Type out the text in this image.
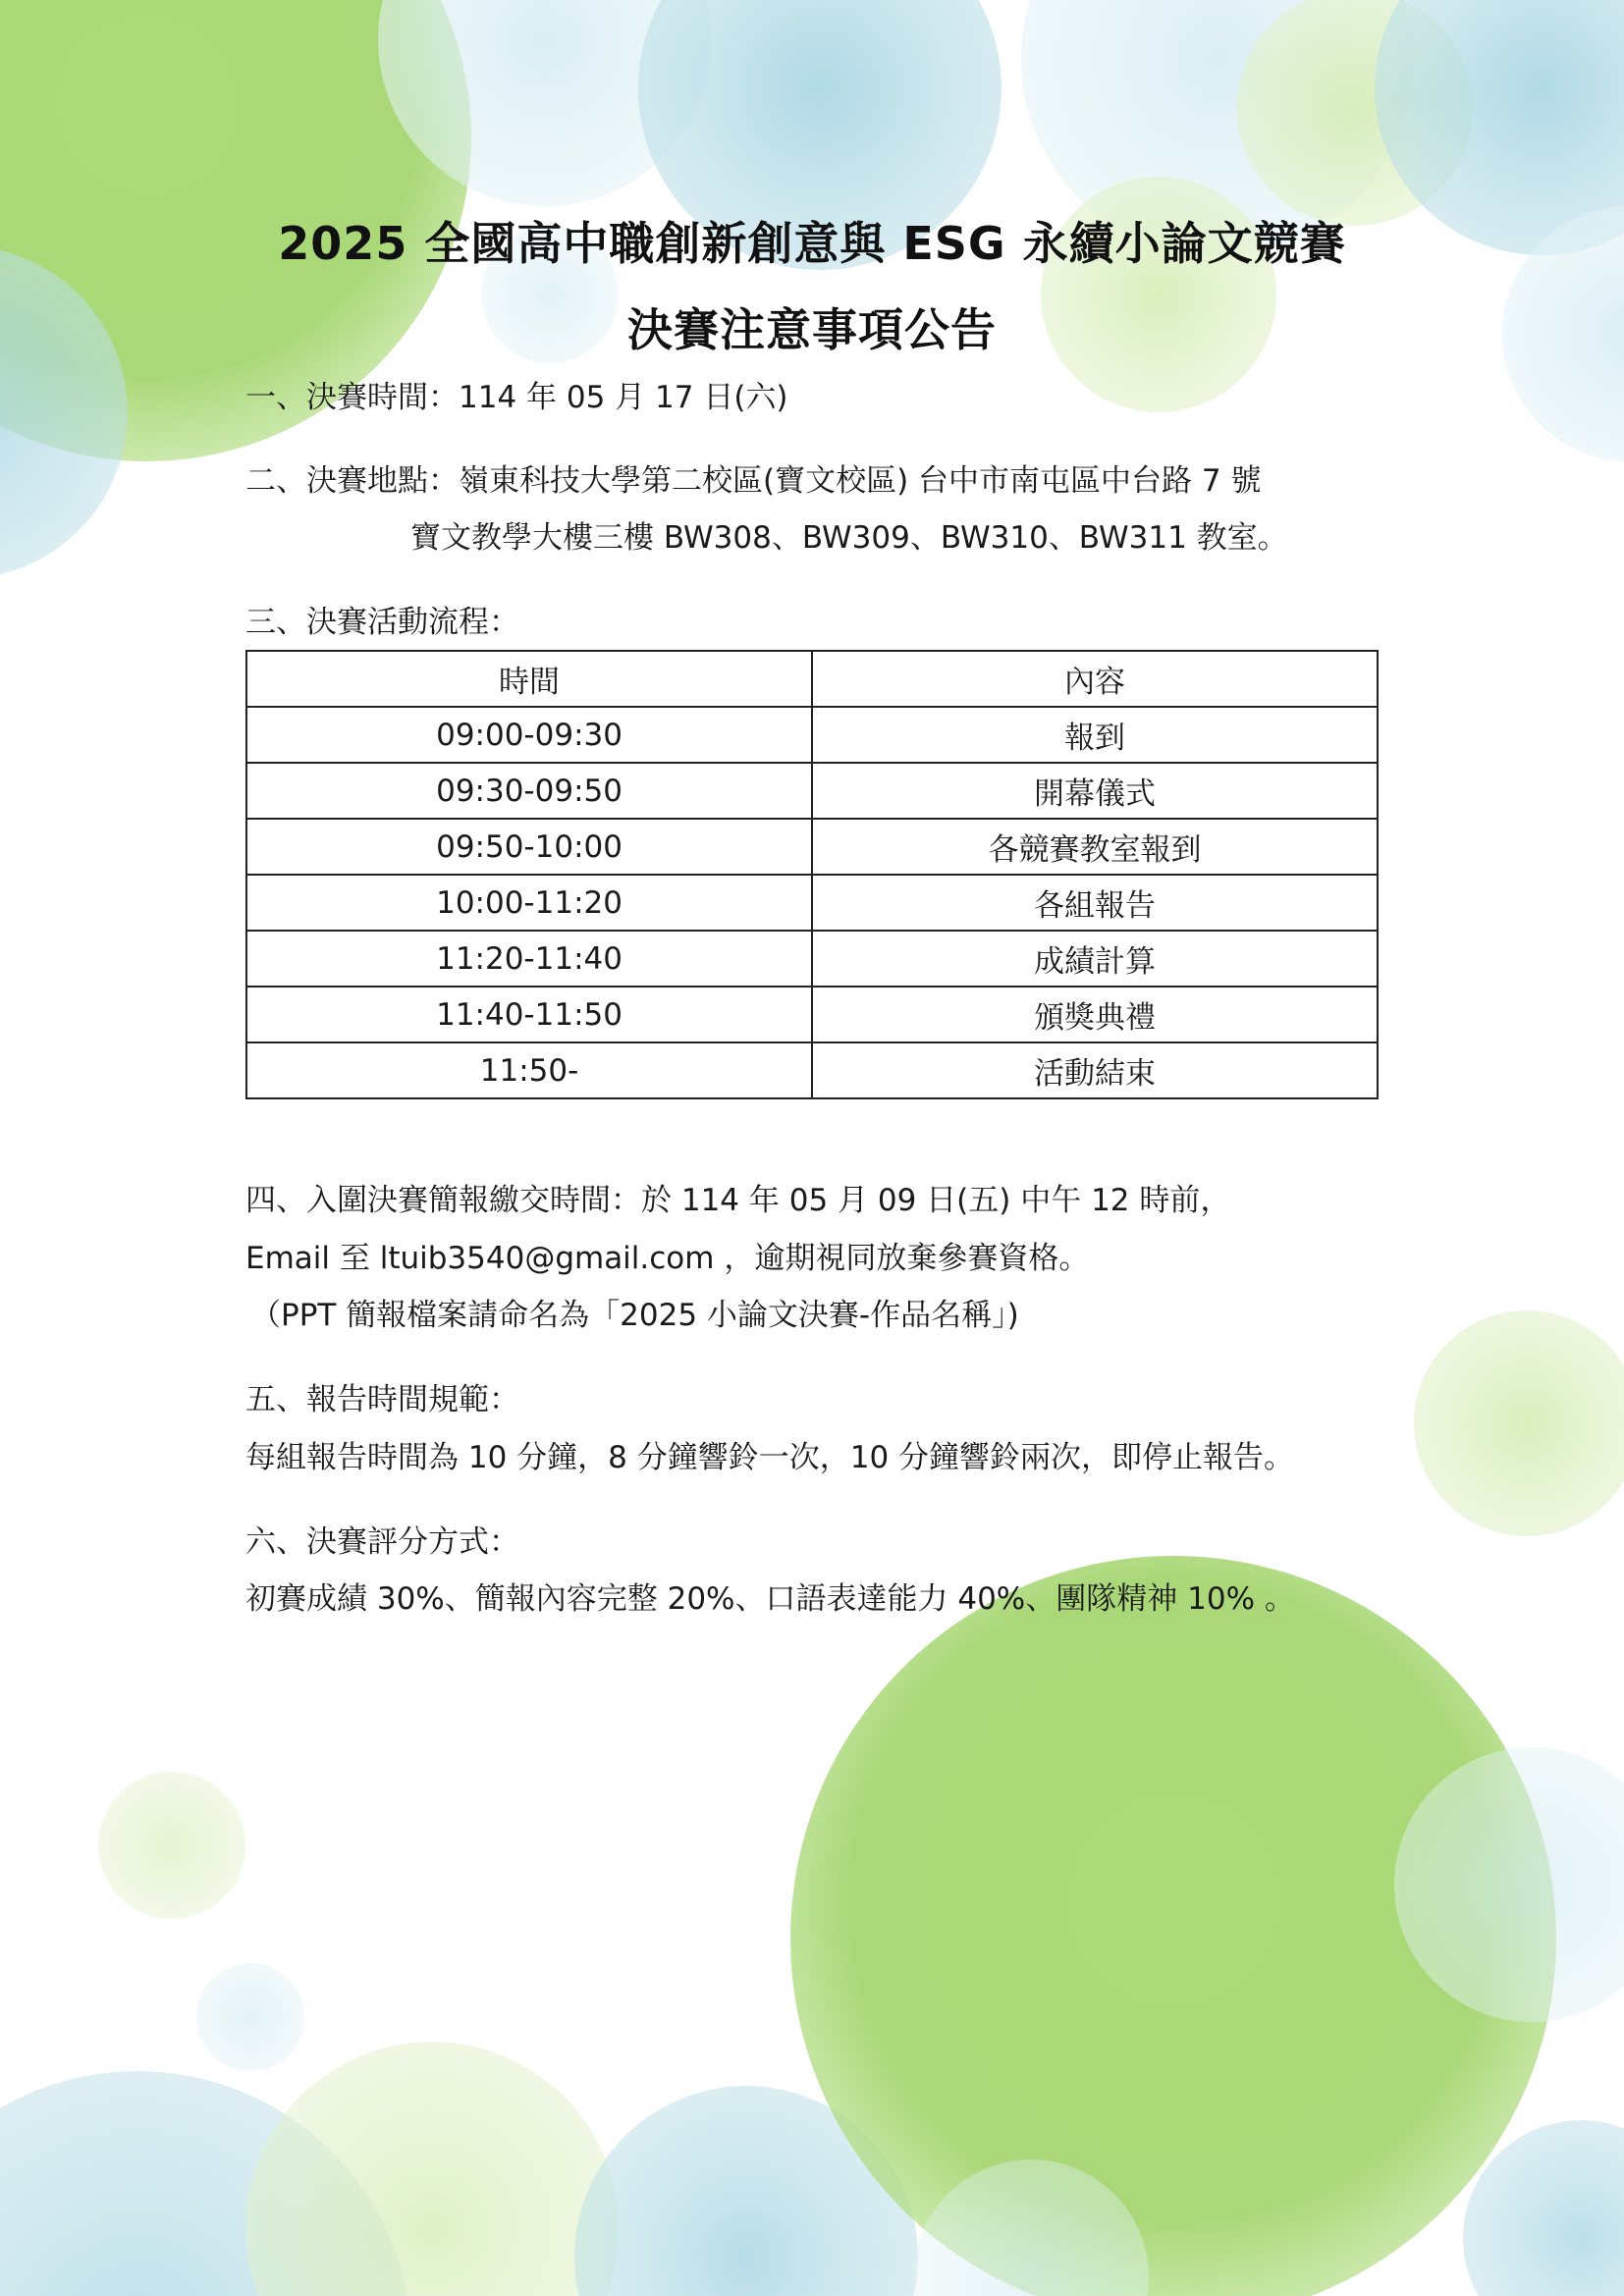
2025 全國高中職創新創意與 ESG 永續小論文競賽
決賽注意事項公告
一、決賽時間：114 年 05 月 17 日(六)
二、決賽地點：嶺東科技大學第二校區(寶文校區) 台中市南屯區中台路 7 號
寶文教學大樓三樓 BW308、BW309、BW310、BW311 教室。
三、決賽活動流程：
時間	內容
09:00-09:30	報到
09:30-09:50	開幕儀式
09:50-10:00	各競賽教室報到
10:00-11:20	各組報告
11:20-11:40	成績計算
11:40-11:50	頒獎典禮
11:50-	活動結束
四、入圍決賽簡報繳交時間：於 114 年 05 月 09 日(五) 中午 12 時前，
Email 至 ltuib3540@gmail.com ，逾期視同放棄參賽資格。
（PPT 簡報檔案請命名為「2025 小論文決賽-作品名稱」)
五、報告時間規範：
每組報告時間為 10 分鐘，8 分鐘響鈴一次，10 分鐘響鈴兩次，即停止報告。
六、決賽評分方式：
初賽成績 30%、簡報內容完整 20%、口語表達能力 40%、團隊精神 10% 。
